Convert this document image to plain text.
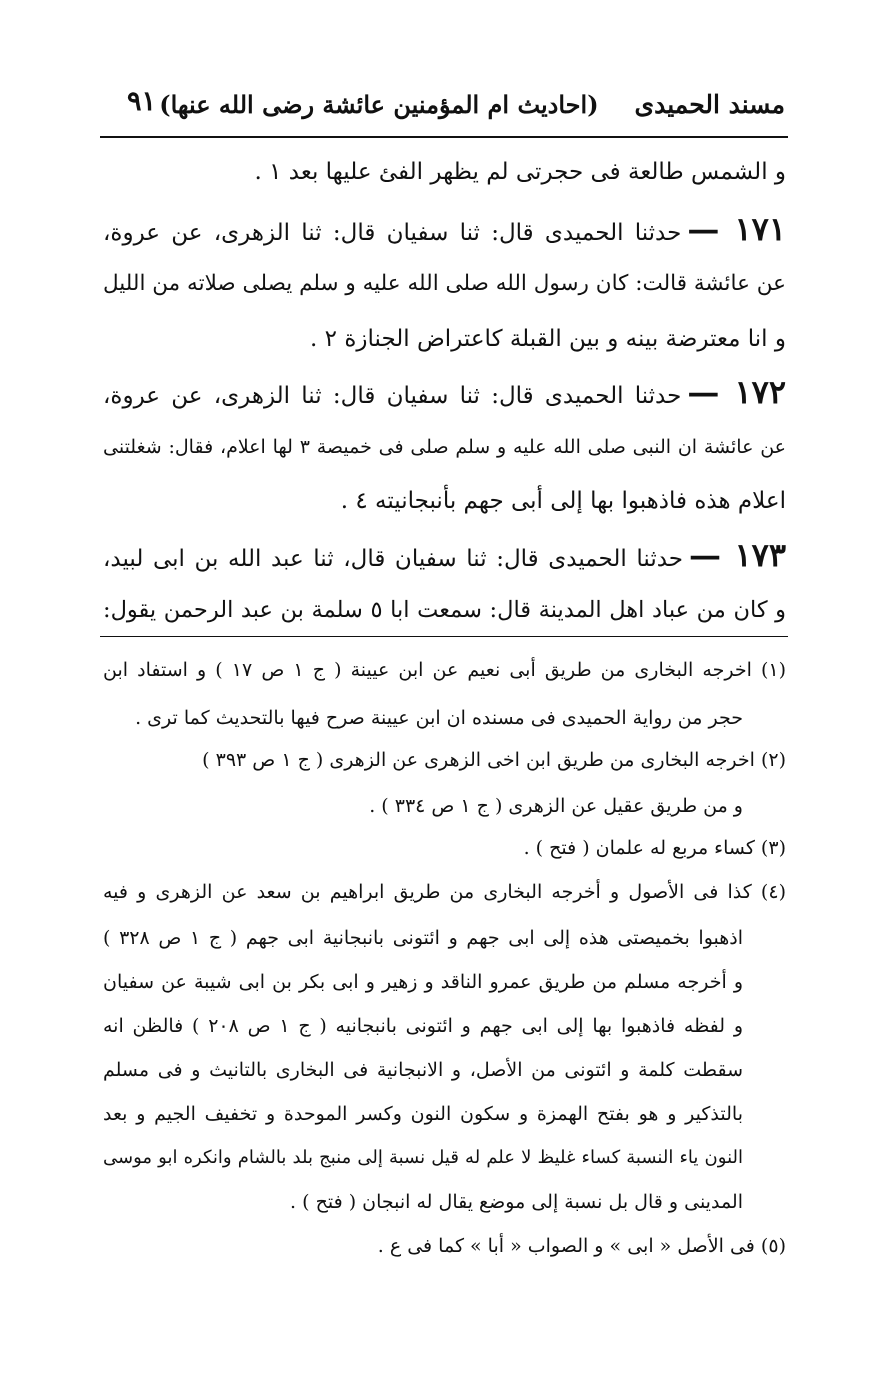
مسند الحميدى
(احاديث ام المؤمنين عائشة رضى الله عنها)
٩١
و الشمس طالعة فى حجرتى لم يظهر الفئ عليها بعد ١ .
١٧١ —حدثنا الحميدى قال: ثنا سفيان قال: ثنا الزهرى، عن عروة،
عن عائشة قالت: كان رسول الله صلى الله عليه و سلم يصلى صلاته من الليل
و انا معترضة بينه و بين القبلة كاعتراض الجنازة ٢ .
١٧٢ —حدثنا الحميدى قال: ثنا سفيان قال: ثنا الزهرى، عن عروة،
عن عائشة ان النبى صلى الله عليه و سلم صلى فى خميصة ٣ لها اعلام، فقال: شغلتنى
اعلام هذه فاذهبوا بها إلى أبى جهم بأنبجانيته ٤ .
١٧٣ —حدثنا الحميدى قال: ثنا سفيان قال، ثنا عبد الله بن ابى لبيد،
و كان من عباد اهل المدينة قال: سمعت ابا ٥ سلمة بن عبد الرحمن يقول:
(١) اخرجه البخارى من طريق أبى نعيم عن ابن عيينة ( ج ١ ص ١٧ ) و استفاد ابن
حجر من رواية الحميدى فى مسنده ان ابن عيينة صرح فيها بالتحديث كما ترى .
(٢) اخرجه البخارى من طريق ابن اخى الزهرى عن الزهرى ( ج ١ ص ٣٩٣ )
و من طريق عقيل عن الزهرى ( ج ١ ص ٣٣٤ ) .
(٣) كساء مربع له علمان ( فتح ) .
(٤) كذا فى الأصول و أخرجه البخارى من طريق ابراهيم بن سعد عن الزهرى و فيه
اذهبوا بخميصتى هذه إلى ابى جهم و ائتونى بانبجانية ابى جهم ( ج ١ ص ٣٢٨ )
و أخرجه مسلم من طريق عمرو الناقد و زهير و ابى بكر بن ابى شيبة عن سفيان
و لفظه فاذهبوا بها إلى ابى جهم و ائتونى بانبجانيه ( ج ١ ص ٢٠٨ ) فالظن انه
سقطت كلمة و ائتونى من الأصل، و الانبجانية فى البخارى بالتانيث و فى مسلم
بالتذكير و هو بفتح الهمزة و سكون النون وكسر الموحدة و تخفيف الجيم و بعد
النون ياء النسبة كساء غليظ لا علم له قيل نسبة إلى منبج بلد بالشام وانكره ابو موسى
المدينى و قال بل نسبة إلى موضع يقال له انبجان ( فتح ) .
(٥) فى الأصل « ابى » و الصواب « أبا » كما فى ع .
